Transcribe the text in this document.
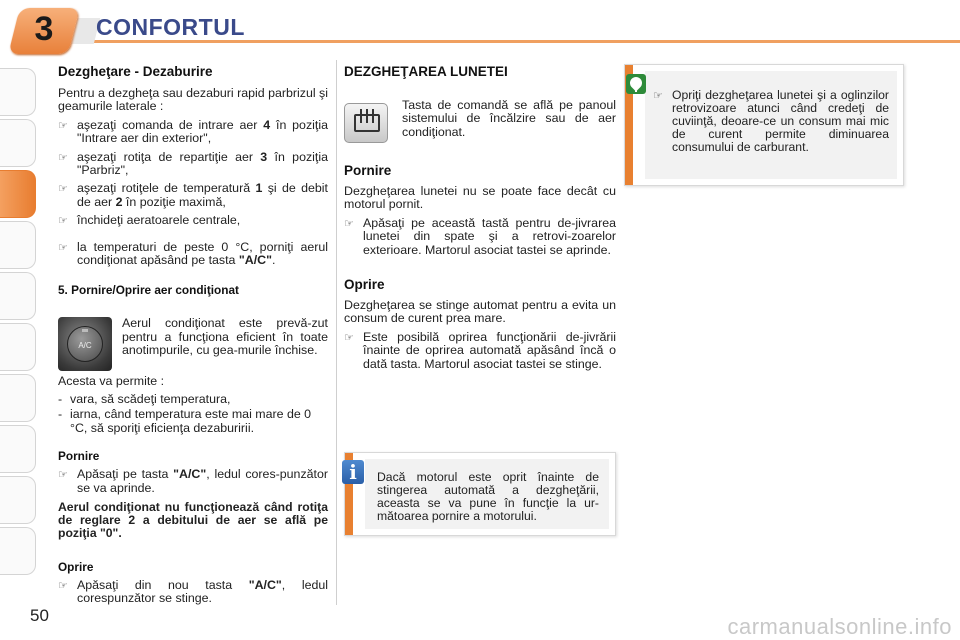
3	CONFORTUL
Dezgheţare - Dezaburire

Pentru a dezgheţa sau dezaburi rapid parbrizul şi geamurile laterale :

☞ aşezaţi comanda de intrare aer 4 în poziţia "Intrare aer din exterior",
☞ aşezaţi rotiţa de repartiţie aer 3 în poziţia "Parbriz",
☞ aşezaţi rotiţele de temperatură 1 şi de debit de aer 2 în poziţie maximă,
☞ închideţi aeratoarele centrale,
☞ la temperaturi de peste 0 °C, porniţi aerul condiţionat apăsând pe tasta "A/C".
5. Pornire/Oprire aer condiţionat
A/C

Aerul condiţionat este prevă-zut pentru a funcţiona eficient în toate anotimpurile, cu gea-murile închise.

Acesta va permite :

- vara, să scădeţi temperatura,
- iarna, când temperatura este mai mare de 0 °C, să sporiţi eficienţa dezaburirii.
Pornire
☞ Apăsaţi pe tasta "A/C", ledul cores-punzător se va aprinde.

Aerul condiţionat nu funcţionează când rotiţa de reglare 2 a debitului de aer se află pe poziţia "0".

Oprire
☞ Apăsaţi din nou tasta "A/C", ledul corespunzător se stinge.
DEZGHEŢAREA LUNETEI

Tasta de comandă se află pe panoul sistemului de încălzire sau de aer condiţionat.

Pornire

Dezgheţarea lunetei nu se poate face decât cu motorul pornit.

☞ Apăsaţi pe această tastă pentru de-jivrarea lunetei din spate şi a retrovi-zoarelor exterioare. Martorul asociat tastei se aprinde.
Oprire

Dezgheţarea se stinge automat pentru a evita un consum de curent prea mare.

☞ Este posibilă oprirea funcţionării de-jivrării înainte de oprirea automată apăsând încă o dată tasta. Martorul asociat tastei se stinge.
☞ Opriţi dezgheţarea lunetei şi a oglinzilor retrovizoare atunci când credeţi de cuviinţă, deoare-ce un consum mai mic de curent permite diminuarea consumului de carburant.
Dacă motorul este oprit înainte de stingerea automată a dezgheţării, aceasta se va pune în funcţie la ur-mătoarea pornire a motorului.
i
50	carmanualsonline.info
